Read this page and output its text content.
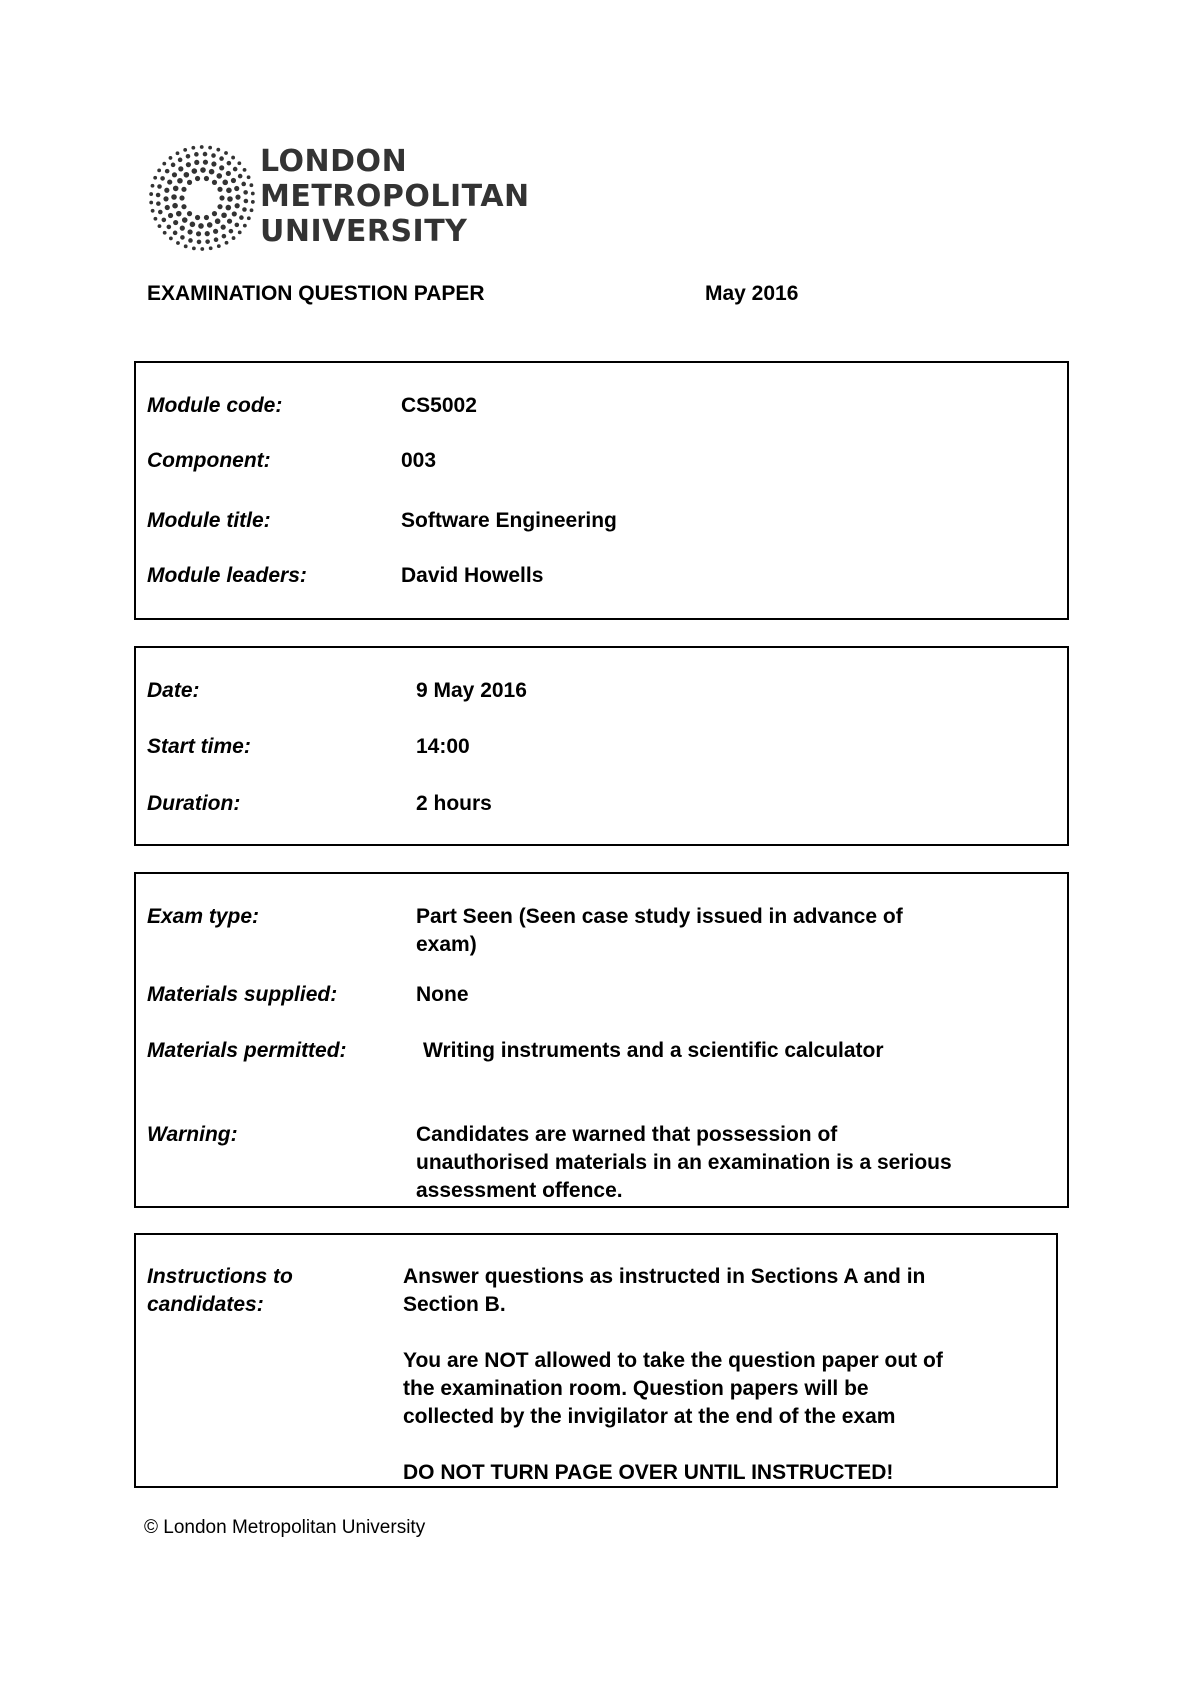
LONDON
METROPOLITAN
UNIVERSITY
EXAMINATION QUESTION PAPER	May 2016
Module code:	CS5002
Component:	003
Module title:	Software Engineering
Module leaders:	David Howells
Date:	9 May 2016
Start time:	14:00
Duration:	2 hours
Exam type:	Part Seen (Seen case study issued in advance of
exam)
Materials supplied:	None
Materials permitted:	Writing instruments and a scientific calculator
Warning:	Candidates are warned that possession of
unauthorised materials in an examination is a serious
assessment offence.
Instructions to
candidates:
Answer questions as instructed in Sections A and in
Section B.
You are NOT allowed to take the question paper out of
the examination room. Question papers will be
collected by the invigilator at the end of the exam
DO NOT TURN PAGE OVER UNTIL INSTRUCTED!
© London Metropolitan University
